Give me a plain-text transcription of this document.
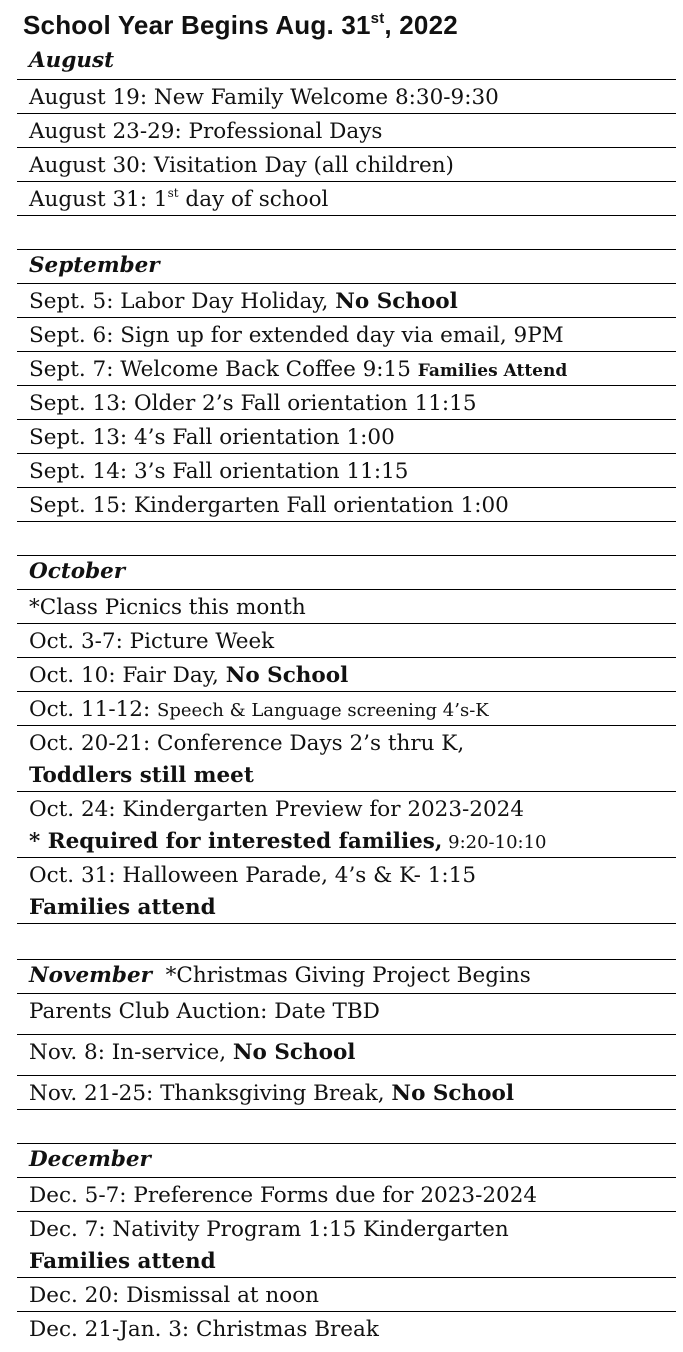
School Year Begins Aug. 31st, 2022
August
August 19: New Family Welcome 8:30-9:30
August 23-29: Professional Days
August 30: Visitation Day (all children)
August 31: 1st day of school
September
Sept. 5: Labor Day Holiday, No School
Sept. 6: Sign up for extended day via email, 9PM
Sept. 7: Welcome Back Coffee 9:15 Families Attend
Sept. 13: Older 2’s Fall orientation 11:15
Sept. 13: 4’s Fall orientation 1:00
Sept. 14: 3’s Fall orientation 11:15
Sept. 15: Kindergarten Fall orientation 1:00
October
*Class Picnics this month
Oct. 3-7: Picture Week
Oct. 10: Fair Day, No School
Oct. 11-12: Speech & Language screening 4’s-K
Oct. 20-21: Conference Days 2’s thru K,
Toddlers still meet
Oct. 24: Kindergarten Preview for 2023-2024
* Required for interested families, 9:20-10:10
Oct. 31: Halloween Parade, 4’s & K- 1:15
Families attend
November  *Christmas Giving Project Begins
Parents Club Auction: Date TBD
Nov. 8: In-service, No School
Nov. 21-25: Thanksgiving Break, No School
December
Dec. 5-7: Preference Forms due for 2023-2024
Dec. 7: Nativity Program 1:15 Kindergarten
Families attend
Dec. 20: Dismissal at noon
Dec. 21-Jan. 3: Christmas Break
